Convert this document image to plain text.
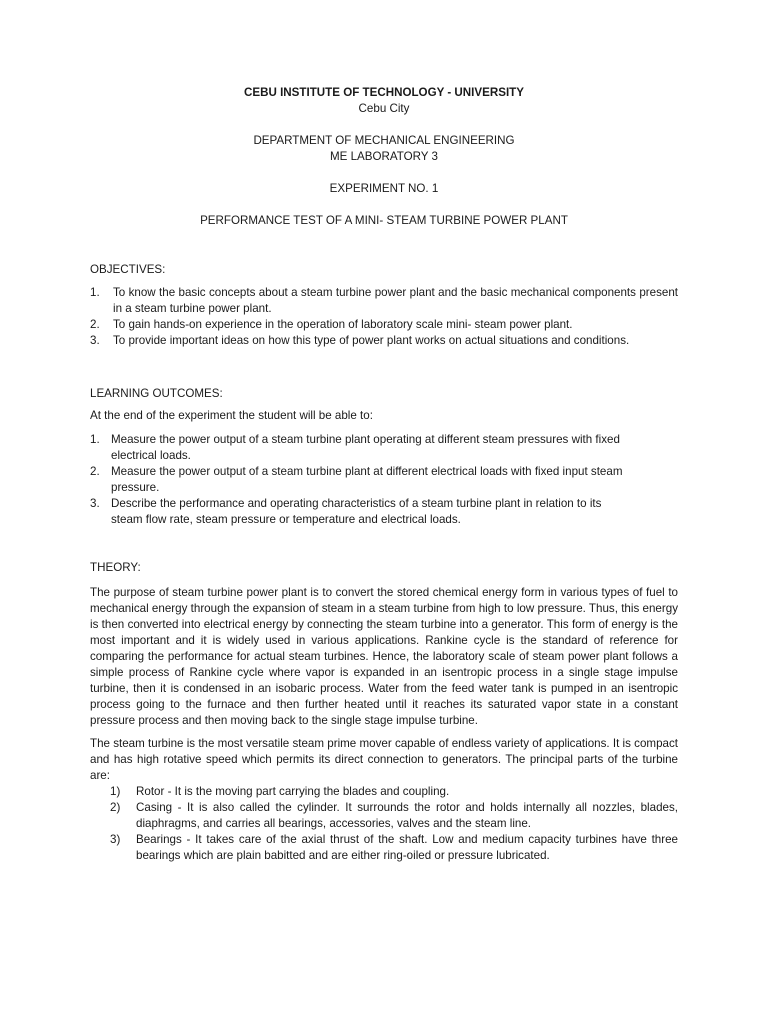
CEBU INSTITUTE OF TECHNOLOGY - UNIVERSITY
Cebu City
DEPARTMENT OF MECHANICAL ENGINEERING
ME LABORATORY 3
EXPERIMENT NO. 1
PERFORMANCE TEST OF A MINI- STEAM TURBINE POWER PLANT

OBJECTIVES:

1. To know the basic concepts about a steam turbine power plant and the basic mechanical components present in a steam turbine power plant.
2. To gain hands-on experience in the operation of laboratory scale mini- steam power plant.
3. To provide important ideas on how this type of power plant works on actual situations and conditions.

LEARNING OUTCOMES:

At the end of the experiment the student will be able to:

1. Measure the power output of a steam turbine plant operating at different steam pressures with fixed electrical loads.
2. Measure the power output of a steam turbine plant at different electrical loads with fixed input steam pressure.
3. Describe the performance and operating characteristics of a steam turbine plant in relation to its steam flow rate, steam pressure or temperature and electrical loads.

THEORY:

The purpose of steam turbine power plant is to convert the stored chemical energy form in various types of fuel to mechanical energy through the expansion of steam in a steam turbine from high to low pressure. Thus, this energy is then converted into electrical energy by connecting the steam turbine into a generator. This form of energy is the most important and it is widely used in various applications. Rankine cycle is the standard of reference for comparing the performance for actual steam turbines. Hence, the laboratory scale of steam power plant follows a simple process of Rankine cycle where vapor is expanded in an isentropic process in a single stage impulse turbine, then it is condensed in an isobaric process. Water from the feed water tank is pumped in an isentropic process going to the furnace and then further heated until it reaches its saturated vapor state in a constant pressure process and then moving back to the single stage impulse turbine.

The steam turbine is the most versatile steam prime mover capable of endless variety of applications. It is compact and has high rotative speed which permits its direct connection to generators. The principal parts of the turbine are:

1) Rotor - It is the moving part carrying the blades and coupling.
2) Casing - It is also called the cylinder. It surrounds the rotor and holds internally all nozzles, blades, diaphragms, and carries all bearings, accessories, valves and the steam line.
3) Bearings - It takes care of the axial thrust of the shaft. Low and medium capacity turbines have three bearings which are plain babitted and are either ring-oiled or pressure lubricated.
